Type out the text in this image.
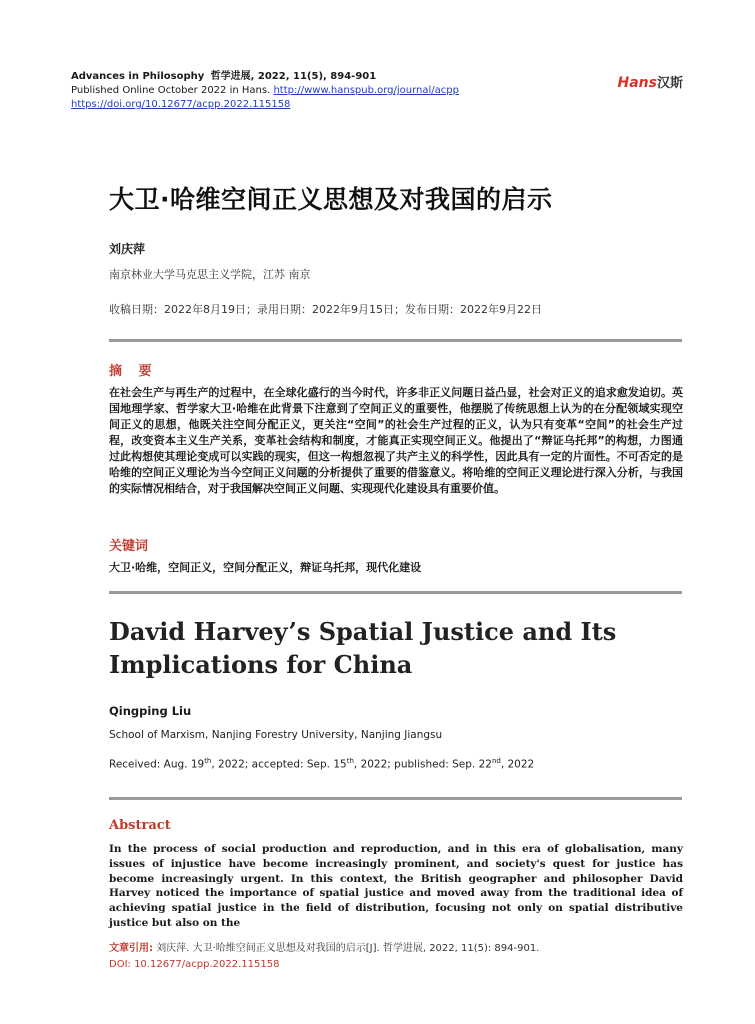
Advances in Philosophy 哲学进展, 2022, 11(5), 894-901
Published Online October 2022 in Hans. http://www.hanspub.org/journal/acpp
https://doi.org/10.12677/acpp.2022.115158
Hans汉斯
大卫·哈维空间正义思想及对我国的启示
刘庆萍
南京林业大学马克思主义学院，江苏 南京
收稿日期：2022年8月19日；录用日期：2022年9月15日；发布日期：2022年9月22日
摘 要
在社会生产与再生产的过程中，在全球化盛行的当今时代，许多非正义问题日益凸显，社会对正义的追求愈发迫切。英国地理学家、哲学家大卫·哈维在此背景下注意到了空间正义的重要性，他摆脱了传统思想上认为的在分配领域实现空间正义的思想，他既关注空间分配正义，更关注“空间”的社会生产过程的正义，认为只有变革“空间”的社会生产过程，改变资本主义生产关系，变革社会结构和制度，才能真正实现空间正义。他提出了“辩证乌托邦”的构想，力图通过此构想使其理论变成可以实践的现实，但这一构想忽视了共产主义的科学性，因此具有一定的片面性。不可否定的是哈维的空间正义理论为当今空间正义问题的分析提供了重要的借鉴意义。将哈维的空间正义理论进行深入分析，与我国的实际情况相结合，对于我国解决空间正义问题、实现现代化建设具有重要价值。
关键词
大卫·哈维，空间正义，空间分配正义，辩证乌托邦，现代化建设
David Harvey’s Spatial Justice and Its Implications for China
Qingping Liu
School of Marxism, Nanjing Forestry University, Nanjing Jiangsu
Received: Aug. 19th, 2022; accepted: Sep. 15th, 2022; published: Sep. 22nd, 2022
Abstract
In the process of social production and reproduction, and in this era of globalisation, many issues of injustice have become increasingly prominent, and society's quest for justice has become increasingly urgent. In this context, the British geographer and philosopher David Harvey noticed the importance of spatial justice and moved away from the traditional idea of achieving spatial justice in the field of distribution, focusing not only on spatial distributive justice but also on the
文章引用: 刘庆萍. 大卫·哈维空间正义思想及对我国的启示[J]. 哲学进展, 2022, 11(5): 894-901.
DOI: 10.12677/acpp.2022.115158
